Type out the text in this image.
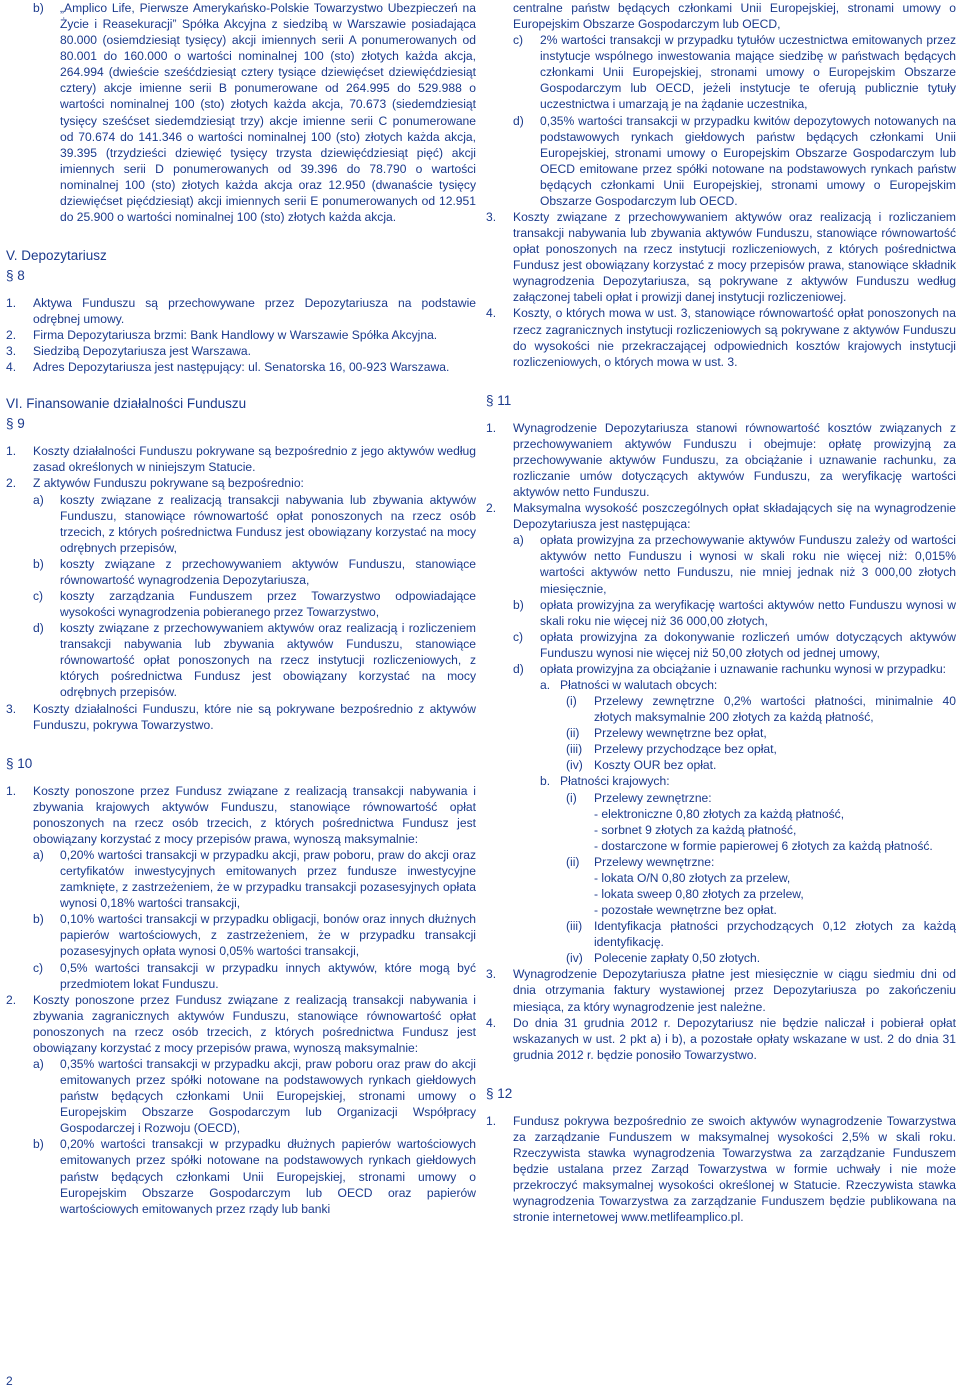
b)	„Amplico Life, Pierwsze Amerykańsko-Polskie Towarzystwo Ubezpieczeń na Życie i Reasekuracji” Spółka Akcyjna z siedzibą w Warszawie posiadająca 80.000 (osiemdziesiąt tysięcy) akcji imiennych serii A ponumerowanych od 80.001 do 160.000 o wartości nominalnej 100 (sto) złotych każda akcja, 264.994 (dwieście sześćdziesiąt cztery tysiące dziewięćset dziewięćdziesiąt cztery) akcje imienne serii B ponumerowane od 264.995 do 529.988 o wartości nominalnej 100 (sto) złotych każda akcja, 70.673 (siedemdziesiąt tysięcy sześćset siedemdziesiąt trzy) akcje imienne serii C ponumerowane od 70.674 do 141.346 o wartości nominalnej 100 (sto) złotych każda akcja, 39.395 (trzydzieści dziewięć tysięcy trzysta dziewięćdziesiąt pięć) akcji imiennych serii D ponumerowanych od 39.396 do 78.790 o wartości nominalnej 100 (sto) złotych każda akcja oraz 12.950 (dwanaście tysięcy dziewięćset pięćdziesiąt) akcji imiennych serii E ponumerowanych od 12.951 do 25.900 o wartości nominalnej 100 (sto) złotych każda akcja.
V. Depozytariusz
§ 8
1.	Aktywa Funduszu są przechowywane przez Depozytariusza na podstawie odrębnej umowy.
2.	Firma Depozytariusza brzmi: Bank Handlowy w Warszawie Spółka Akcyjna.
3.	Siedzibą Depozytariusza jest Warszawa.
4.	Adres Depozytariusza jest następujący: ul. Senatorska 16, 00-923 Warszawa.
VI. Finansowanie działalności Funduszu
§ 9
1.	Koszty działalności Funduszu pokrywane są bezpośrednio z jego aktywów według zasad określonych w niniejszym Statucie.
2.	Z aktywów Funduszu pokrywane są bezpośrednio:
a)	koszty związane z realizacją transakcji nabywania lub zbywania aktywów Funduszu, stanowiące równowartość opłat ponoszonych na rzecz osób trzecich, z których pośrednictwa Fundusz jest obowiązany korzystać na mocy odrębnych przepisów,
b)	koszty związane z przechowywaniem aktywów Funduszu, stanowiące równowartość wynagrodzenia Depozytariusza,
c)	koszty zarządzania Funduszem przez Towarzystwo odpowiadające wysokości wynagrodzenia pobieranego przez Towarzystwo,
d)	koszty związane z przechowywaniem aktywów oraz realizacją i rozliczeniem transakcji nabywania lub zbywania aktywów Funduszu, stanowiące równowartość opłat ponoszonych na rzecz instytucji rozliczeniowych, z których pośrednictwa Fundusz jest obowiązany korzystać na mocy odrębnych przepisów.
3.	Koszty działalności Funduszu, które nie są pokrywane bezpośrednio z aktywów Funduszu, pokrywa Towarzystwo.
§ 10
1.	Koszty ponoszone przez Fundusz związane z realizacją transakcji nabywania i zbywania krajowych aktywów Funduszu, stanowiące równowartość opłat ponoszonych na rzecz osób trzecich, z których pośrednictwa Fundusz jest obowiązany korzystać z mocy przepisów prawa, wynoszą maksymalnie:
a)	0,20% wartości transakcji w przypadku akcji, praw poboru, praw do akcji oraz certyfikatów inwestycyjnych emitowanych przez fundusze inwestycyjne zamknięte, z zastrzeżeniem, że w przypadku transakcji pozasesyjnych opłata wynosi 0,18% wartości transakcji,
b)	0,10% wartości transakcji w przypadku obligacji, bonów oraz innych dłużnych papierów wartościowych, z zastrzeżeniem, że w przypadku transakcji pozasesyjnych opłata wynosi 0,05% wartości transakcji,
c)	0,5% wartości transakcji w przypadku innych aktywów, które mogą być przedmiotem lokat Funduszu.
2.	Koszty ponoszone przez Fundusz związane z realizacją transakcji nabywania i zbywania zagranicznych aktywów Funduszu, stanowiące równowartość opłat ponoszonych na rzecz osób trzecich, z których pośrednictwa Fundusz jest obowiązany korzystać z mocy przepisów prawa, wynoszą maksymalnie:
a)	0,35% wartości transakcji w przypadku akcji, praw poboru oraz praw do akcji emitowanych przez spółki notowane na podstawowych rynkach giełdowych państw będących członkami Unii Europejskiej, stronami umowy o Europejskim Obszarze Gospodarczym lub Organizacji Współpracy Gospodarczej i Rozwoju (OECD),
b)	0,20% wartości transakcji w przypadku dłużnych papierów wartościowych emitowanych przez spółki notowane na podstawowych rynkach giełdowych państw będących członkami Unii Europejskiej, stronami umowy o Europejskim Obszarze Gospodarczym lub OECD oraz papierów wartościowych emitowanych przez rządy lub banki
centralne państw będących członkami Unii Europejskiej, stronami umowy o Europejskim Obszarze Gospodarczym lub OECD,
c)	2% wartości transakcji w przypadku tytułów uczestnictwa emitowanych przez instytucje wspólnego inwestowania mające siedzibę w państwach będących członkami Unii Europejskiej, stronami umowy o Europejskim Obszarze Gospodarczym lub OECD, jeżeli instytucje te oferują publicznie tytuły uczestnictwa i umarzają je na żądanie uczestnika,
d)	0,35% wartości transakcji w przypadku kwitów depozytowych notowanych na podstawowych rynkach giełdowych państw będących członkami Unii Europejskiej, stronami umowy o Europejskim Obszarze Gospodarczym lub OECD emitowane przez spółki notowane na podstawowych rynkach państw będących członkami Unii Europejskiej, stronami umowy o Europejskim Obszarze Gospodarczym lub OECD.
3.	Koszty związane z przechowywaniem aktywów oraz realizacją i rozliczaniem transakcji nabywania lub zbywania aktywów Funduszu, stanowiące równowartość opłat ponoszonych na rzecz instytucji rozliczeniowych, z których pośrednictwa Fundusz jest obowiązany korzystać z mocy przepisów prawa, stanowiące składnik wynagrodzenia Depozytariusza, są pokrywane z aktywów Funduszu według załączonej tabeli opłat i prowizji danej instytucji rozliczeniowej.
4.	Koszty, o których mowa w ust. 3, stanowiące równowartość opłat ponoszonych na rzecz zagranicznych instytucji rozliczeniowych są pokrywane z aktywów Funduszu do wysokości nie przekraczającej odpowiednich kosztów krajowych instytucji rozliczeniowych, o których mowa w ust. 3.
§ 11
1.	Wynagrodzenie Depozytariusza stanowi równowartość kosztów związanych z przechowywaniem aktywów Funduszu i obejmuje: opłatę prowizyjną za przechowywanie aktywów Funduszu, za obciążanie i uznawanie rachunku, za rozliczanie umów dotyczących aktywów Funduszu, za weryfikację wartości aktywów netto Funduszu.
2.	Maksymalna wysokość poszczególnych opłat składających się na wynagrodzenie Depozytariusza jest następująca:
a)	opłata prowizyjna za przechowywanie aktywów Funduszu zależy od wartości aktywów netto Funduszu i wynosi w skali roku nie więcej niż: 0,015% wartości aktywów netto Funduszu, nie mniej jednak niż 3 000,00 złotych miesięcznie,
b)	opłata prowizyjna za weryfikację wartości aktywów netto Funduszu wynosi w skali roku nie więcej niż 36 000,00 złotych,
c)	opłata prowizyjna za dokonywanie rozliczeń umów dotyczących aktywów Funduszu wynosi nie więcej niż 50,00 złotych od jednej umowy,
d)	opłata prowizyjna za obciążanie i uznawanie rachunku wynosi w przypadku:
a. Płatności w walutach obcych:
(i)	Przelewy zewnętrzne 0,2% wartości płatności, minimalnie 40 złotych maksymalnie 200 złotych za każdą płatność,
(ii)	Przelewy wewnętrzne bez opłat,
(iii) Przelewy przychodzące bez opłat,
(iv) Koszty OUR bez opłat.
b. Płatności krajowych:
(i)	Przelewy zewnętrzne:
- elektroniczne 0,80 złotych za każdą płatność,
- sorbnet 9 złotych za każdą płatność,
- dostarczone w formie papierowej 6 złotych za każdą płatność.
(ii)	Przelewy wewnętrzne:
- lokata O/N 0,80 złotych za przelew,
- lokata sweep 0,80 złotych za przelew,
- pozostałe wewnętrzne bez opłat.
(iii) Identyfikacja płatności przychodzących 0,12 złotych za każdą identyfikację.
(iv) Polecenie zapłaty 0,50 złotych.
3.	Wynagrodzenie Depozytariusza płatne jest miesięcznie w ciągu siedmiu dni od dnia otrzymania faktury wystawionej przez Depozytariusza po zakończeniu miesiąca, za który wynagrodzenie jest należne.
4.	Do dnia 31 grudnia 2012 r. Depozytariusz nie będzie naliczał i pobierał opłat wskazanych w ust. 2 pkt a) i b), a pozostałe opłaty wskazane w ust. 2 do dnia 31 grudnia 2012 r. będzie ponosiło Towarzystwo.
§ 12
1.	Fundusz pokrywa bezpośrednio ze swoich aktywów wynagrodzenie Towarzystwa za zarządzanie Funduszem w maksymalnej wysokości 2,5% w skali roku. Rzeczywista stawka wynagrodzenia Towarzystwa za zarządzanie Funduszem będzie ustalana przez Zarząd Towarzystwa w formie uchwały i nie może przekroczyć maksymalnej wysokości określonej w Statucie. Rzeczywista stawka wynagrodzenia Towarzystwa za zarządzanie Funduszem będzie publikowana na stronie internetowej www.metlifeamplico.pl.
2
